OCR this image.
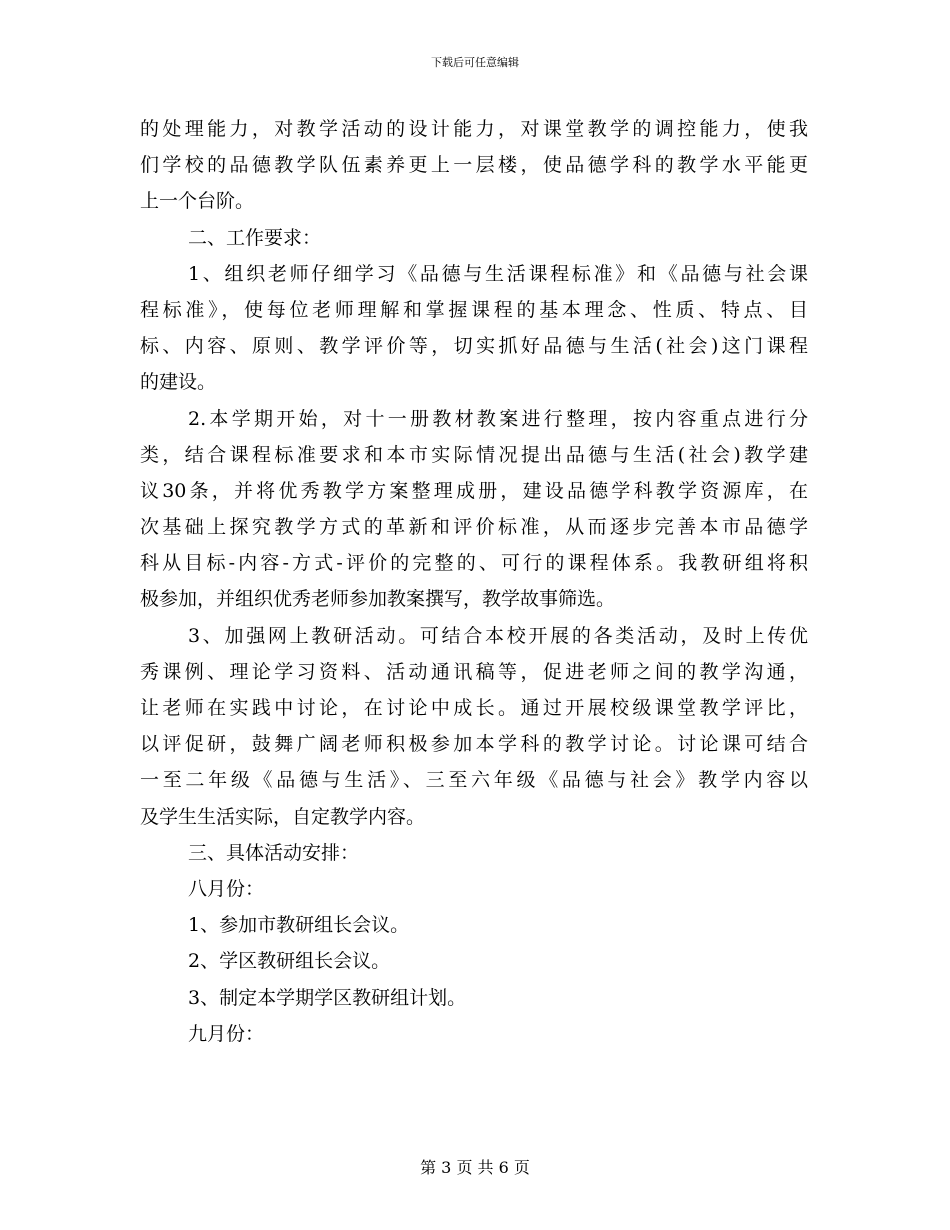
下载后可任意编辑
的处理能力，对教学活动的设计能力，对课堂教学的调控能力，使我
们学校的品德教学队伍素养更上一层楼，使品德学科的教学水平能更
上一个台阶。
二、工作要求：
1、组织老师仔细学习《品德与生活课程标准》和《品德与社会课
程标准》，使每位老师理解和掌握课程的基本理念、性质、特点、目
标、内容、原则、教学评价等，切实抓好品德与生活(社会)这门课程
的建设。
2.本学期开始，对十一册教材教案进行整理，按内容重点进行分
类，结合课程标准要求和本市实际情况提出品德与生活(社会)教学建
议30条，并将优秀教学方案整理成册，建设品德学科教学资源库，在
次基础上探究教学方式的革新和评价标准，从而逐步完善本市品德学
科从目标-内容-方式-评价的完整的、可行的课程体系。我教研组将积
极参加，并组织优秀老师参加教案撰写，教学故事筛选。
3、加强网上教研活动。可结合本校开展的各类活动，及时上传优
秀课例、理论学习资料、活动通讯稿等，促进老师之间的教学沟通，
让老师在实践中讨论，在讨论中成长。通过开展校级课堂教学评比，
以评促研，鼓舞广阔老师积极参加本学科的教学讨论。讨论课可结合
一至二年级《品德与生活》、三至六年级《品德与社会》教学内容以
及学生生活实际，自定教学内容。
三、具体活动安排：
八月份：
1、参加市教研组长会议。
2、学区教研组长会议。
3、制定本学期学区教研组计划。
九月份：
第 3 页 共 6 页
